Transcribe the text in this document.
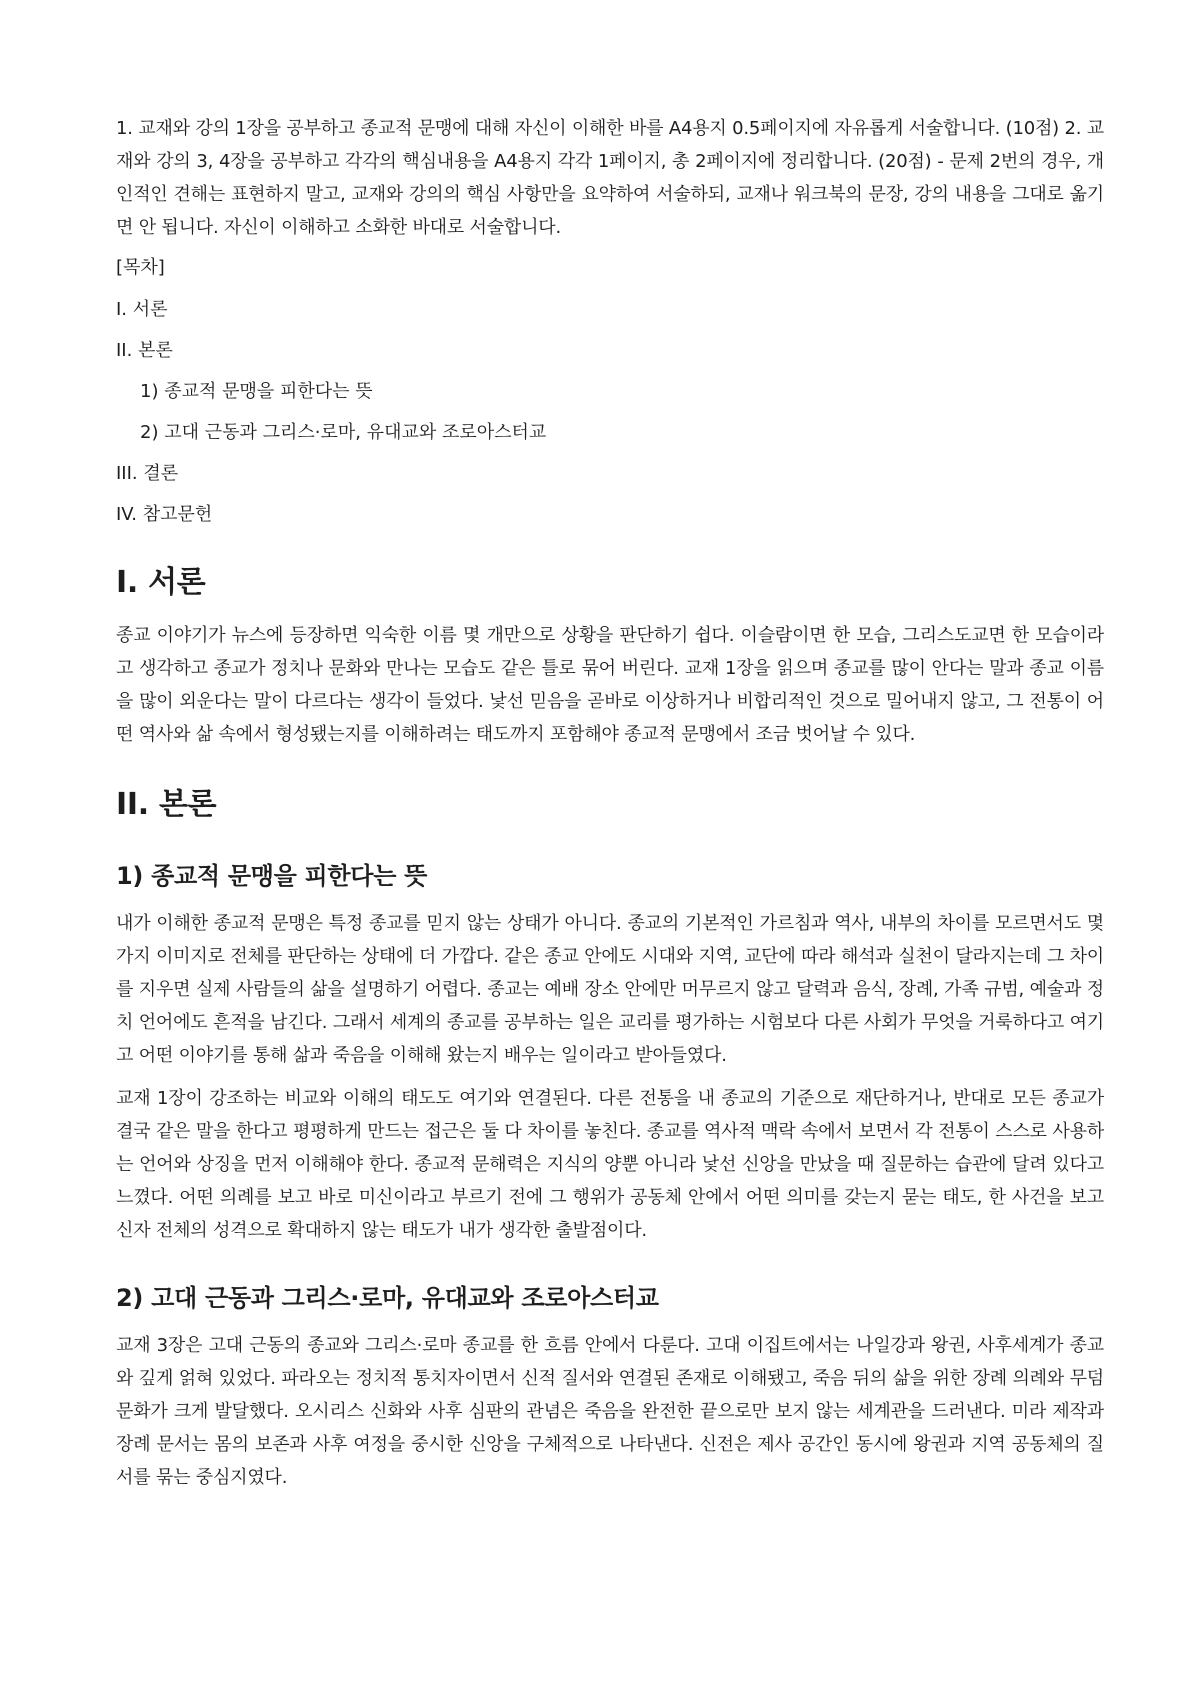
1. 교재와 강의 1장을 공부하고 종교적 문맹에 대해 자신이 이해한 바를 A4용지 0.5페이지에 자유롭게 서술합니다. (10점) 2. 교재와 강의 3, 4장을 공부하고 각각의 핵심내용을 A4용지 각각 1페이지, 총 2페이지에 정리합니다. (20점) - 문제 2번의 경우, 개인적인 견해는 표현하지 말고, 교재와 강의의 핵심 사항만을 요약하여 서술하되, 교재나 워크북의 문장, 강의 내용을 그대로 옮기면 안 됩니다. 자신이 이해하고 소화한 바대로 서술합니다.

[목차]
I. 서론
II. 본론
1) 종교적 문맹을 피한다는 뜻
2) 고대 근동과 그리스·로마, 유대교와 조로아스터교
III. 결론
IV. 참고문헌
I. 서론

종교 이야기가 뉴스에 등장하면 익숙한 이름 몇 개만으로 상황을 판단하기 쉽다. 이슬람이면 한 모습, 그리스도교면 한 모습이라고 생각하고 종교가 정치나 문화와 만나는 모습도 같은 틀로 묶어 버린다. 교재 1장을 읽으며 종교를 많이 안다는 말과 종교 이름을 많이 외운다는 말이 다르다는 생각이 들었다. 낯선 믿음을 곧바로 이상하거나 비합리적인 것으로 밀어내지 않고, 그 전통이 어떤 역사와 삶 속에서 형성됐는지를 이해하려는 태도까지 포함해야 종교적 문맹에서 조금 벗어날 수 있다.

II. 본론
1) 종교적 문맹을 피한다는 뜻

내가 이해한 종교적 문맹은 특정 종교를 믿지 않는 상태가 아니다. 종교의 기본적인 가르침과 역사, 내부의 차이를 모르면서도 몇 가지 이미지로 전체를 판단하는 상태에 더 가깝다. 같은 종교 안에도 시대와 지역, 교단에 따라 해석과 실천이 달라지는데 그 차이를 지우면 실제 사람들의 삶을 설명하기 어렵다. 종교는 예배 장소 안에만 머무르지 않고 달력과 음식, 장례, 가족 규범, 예술과 정치 언어에도 흔적을 남긴다. 그래서 세계의 종교를 공부하는 일은 교리를 평가하는 시험보다 다른 사회가 무엇을 거룩하다고 여기고 어떤 이야기를 통해 삶과 죽음을 이해해 왔는지 배우는 일이라고 받아들였다.

교재 1장이 강조하는 비교와 이해의 태도도 여기와 연결된다. 다른 전통을 내 종교의 기준으로 재단하거나, 반대로 모든 종교가 결국 같은 말을 한다고 평평하게 만드는 접근은 둘 다 차이를 놓친다. 종교를 역사적 맥락 속에서 보면서 각 전통이 스스로 사용하는 언어와 상징을 먼저 이해해야 한다. 종교적 문해력은 지식의 양뿐 아니라 낯선 신앙을 만났을 때 질문하는 습관에 달려 있다고 느꼈다. 어떤 의례를 보고 바로 미신이라고 부르기 전에 그 행위가 공동체 안에서 어떤 의미를 갖는지 묻는 태도, 한 사건을 보고 신자 전체의 성격으로 확대하지 않는 태도가 내가 생각한 출발점이다.

2) 고대 근동과 그리스·로마, 유대교와 조로아스터교

교재 3장은 고대 근동의 종교와 그리스·로마 종교를 한 흐름 안에서 다룬다. 고대 이집트에서는 나일강과 왕권, 사후세계가 종교와 깊게 얽혀 있었다. 파라오는 정치적 통치자이면서 신적 질서와 연결된 존재로 이해됐고, 죽음 뒤의 삶을 위한 장례 의례와 무덤 문화가 크게 발달했다. 오시리스 신화와 사후 심판의 관념은 죽음을 완전한 끝으로만 보지 않는 세계관을 드러낸다. 미라 제작과 장례 문서는 몸의 보존과 사후 여정을 중시한 신앙을 구체적으로 나타낸다. 신전은 제사 공간인 동시에 왕권과 지역 공동체의 질서를 묶는 중심지였다.
